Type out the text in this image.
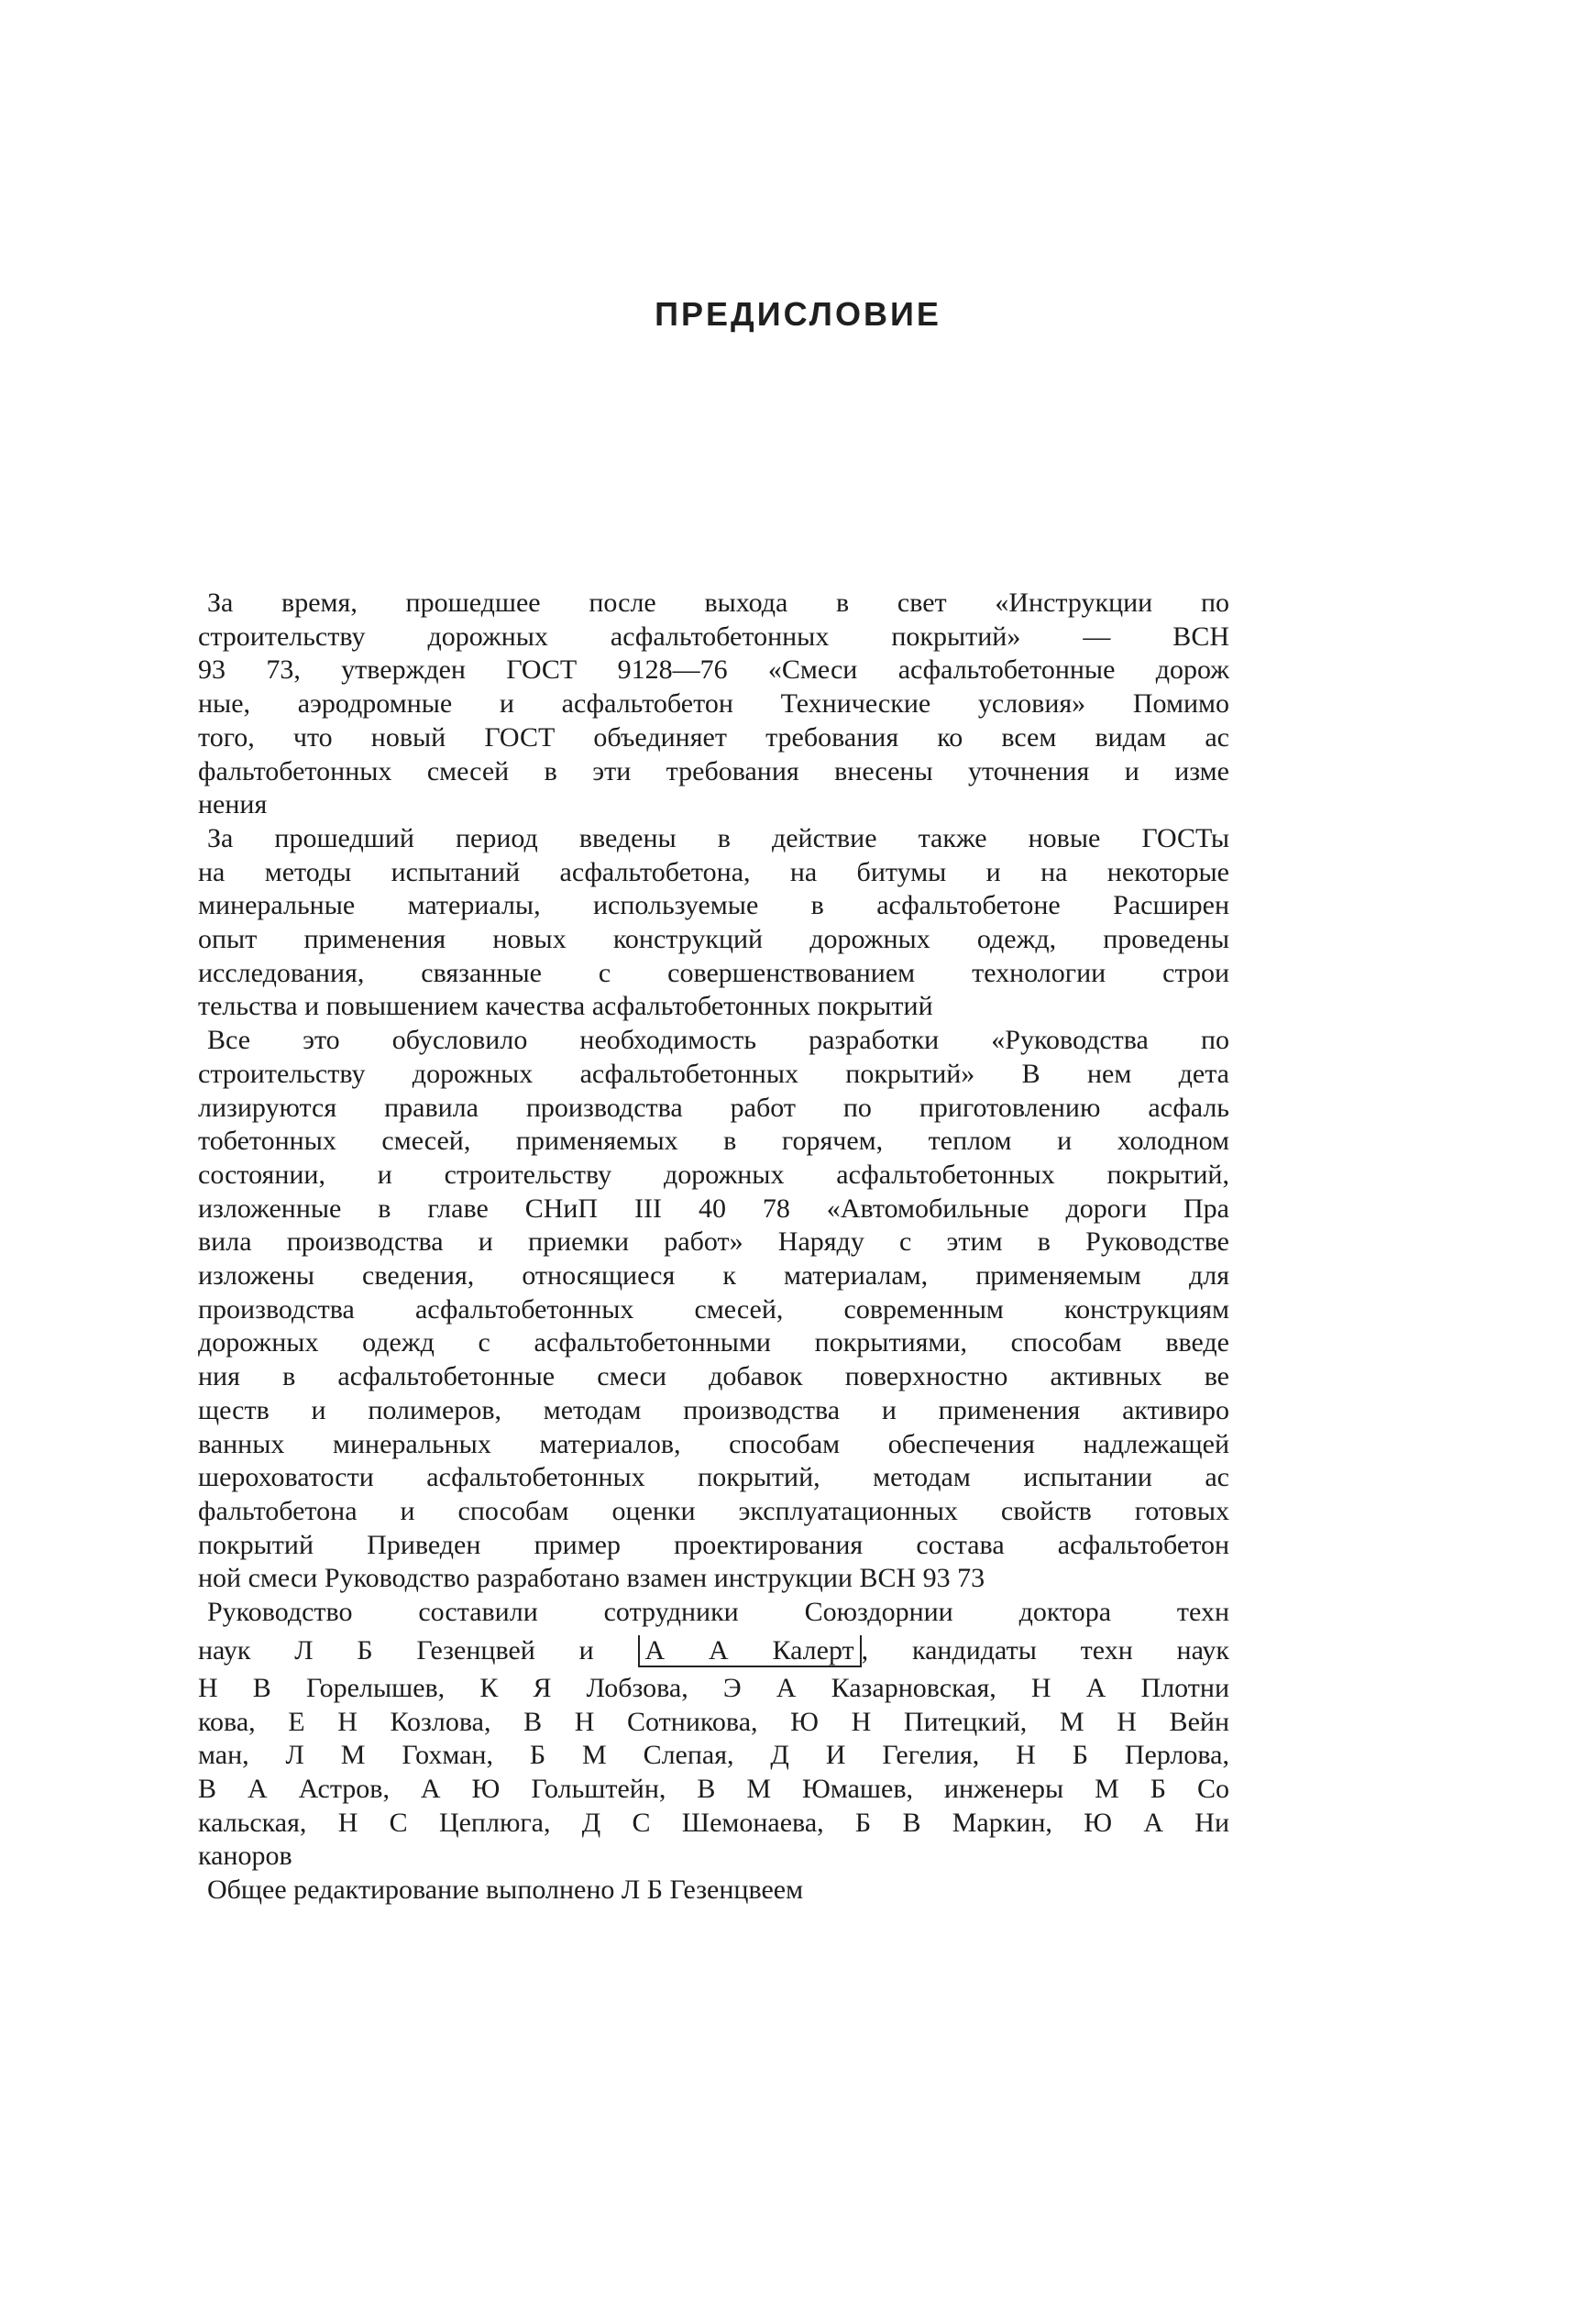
ПРЕДИСЛОВИЕ
За время, прошедшее после выхода в свет «Инструкции по
строительству дорожных асфальтобетонных покрытий» — ВСН
93 73, утвержден ГОСТ 9128—76 «Смеси асфальтобетонные дорож
ные, аэродромные и асфальтобетон Технические условия» Помимо
того, что новый ГОСТ объединяет требования ко всем видам ас
фальтобетонных смесей в эти требования внесены уточнения и изме
нения
За прошедший период введены в действие также новые ГОСТы
на методы испытаний асфальтобетона, на битумы и на некоторые
минеральные материалы, используемые в асфальтобетоне Расширен
опыт применения новых конструкций дорожных одежд, проведены
исследования, связанные с совершенствованием технологии строи
тельства и повышением качества асфальтобетонных покрытий
Все это обусловило необходимость разработки «Руководства по
строительству дорожных асфальтобетонных покрытий» В нем дета
лизируются правила производства работ по приготовлению асфаль
тобетонных смесей, применяемых в горячем, теплом и холодном
состоянии, и строительству дорожных асфальтобетонных покрытий,
изложенные в главе СНиП III 40 78 «Автомобильные дороги Пра
вила производства и приемки работ» Наряду с этим в Руководстве
изложены сведения, относящиеся к материалам, применяемым для
производства асфальтобетонных смесей, современным конструкциям
дорожных одежд с асфальтобетонными покрытиями, способам введе
ния в асфальтобетонные смеси добавок поверхностно активных ве
ществ и полимеров, методам производства и применения активиро
ванных минеральных материалов, способам обеспечения надлежащей
шероховатости асфальтобетонных покрытий, методам испытании ас
фальтобетона и способам оценки эксплуатационных свойств готовых
покрытий Приведен пример проектирования состава асфальтобетон
ной смеси Руководство разработано взамен инструкции ВСН 93 73
Руководство составили сотрудники Союздорнии доктора техн
наук Л Б Гезенцвей и А А Калерт , кандидаты техн наук
Н В Горелышев, К Я Лобзова, Э А Казарновская, Н А Плотни
кова, Е Н Козлова, В Н Сотникова, Ю Н Питецкий, М Н Вейн
ман, Л М Гохман, Б М Слепая, Д И Гегелия, Н Б Перлова,
В А Астров, А Ю Гольштейн, В М Юмашев, инженеры М Б Со
кальская, Н С Цеплюга, Д С Шемонаева, Б В Маркин, Ю А Ни
каноров
Общее редактирование выполнено Л Б Гезенцвеем
